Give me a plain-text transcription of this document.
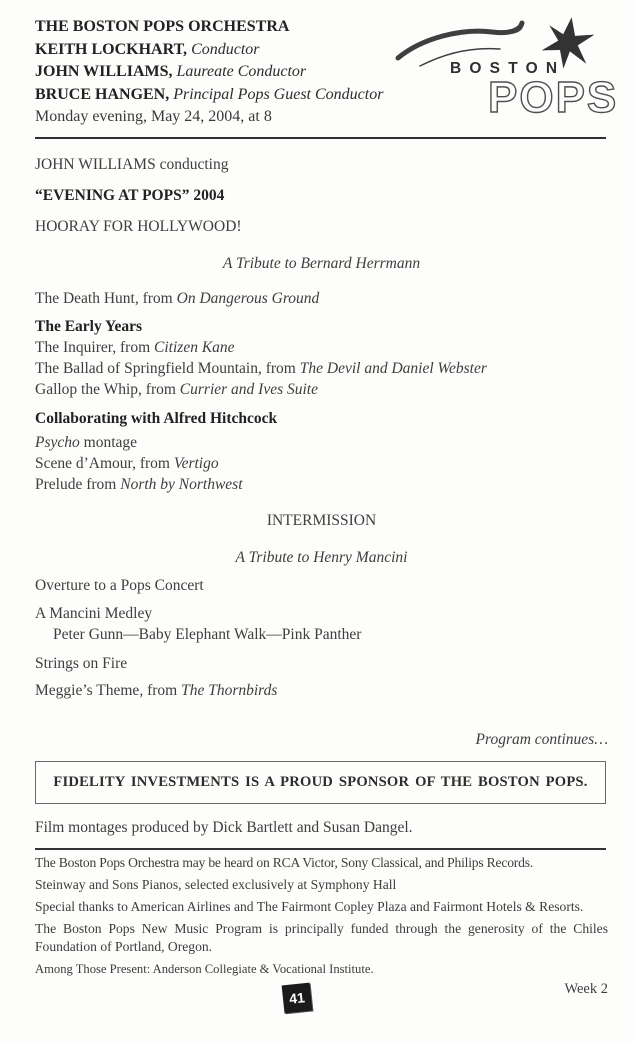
THE BOSTON POPS ORCHESTRA
KEITH LOCKHART, Conductor
JOHN WILLIAMS, Laureate Conductor
BRUCE HANGEN, Principal Pops Guest Conductor
Monday evening, May 24, 2004, at 8
BOSTON
POPS
JOHN WILLIAMS conducting
“EVENING AT POPS” 2004
HOORAY FOR HOLLYWOOD!
A Tribute to Bernard Herrmann
The Death Hunt, from On Dangerous Ground
The Early Years
The Inquirer, from Citizen Kane
The Ballad of Springfield Mountain, from The Devil and Daniel Webster
Gallop the Whip, from Currier and Ives Suite
Collaborating with Alfred Hitchcock
Psycho montage
Scene d’Amour, from Vertigo
Prelude from North by Northwest
INTERMISSION
A Tribute to Henry Mancini
Overture to a Pops Concert
A Mancini Medley
Peter Gunn—Baby Elephant Walk—Pink Panther
Strings on Fire
Meggie’s Theme, from The Thornbirds
Program continues…
FIDELITY INVESTMENTS IS A PROUD SPONSOR OF THE BOSTON POPS.
Film montages produced by Dick Bartlett and Susan Dangel.
The Boston Pops Orchestra may be heard on RCA Victor, Sony Classical, and Philips Records.
Steinway and Sons Pianos, selected exclusively at Symphony Hall
Special thanks to American Airlines and The Fairmont Copley Plaza and Fairmont Hotels & Resorts.
The Boston Pops New Music Program is principally funded through the generosity of the Chiles Foundation of Portland, Oregon.
Among Those Present: Anderson Collegiate & Vocational Institute.
Week 2
41
